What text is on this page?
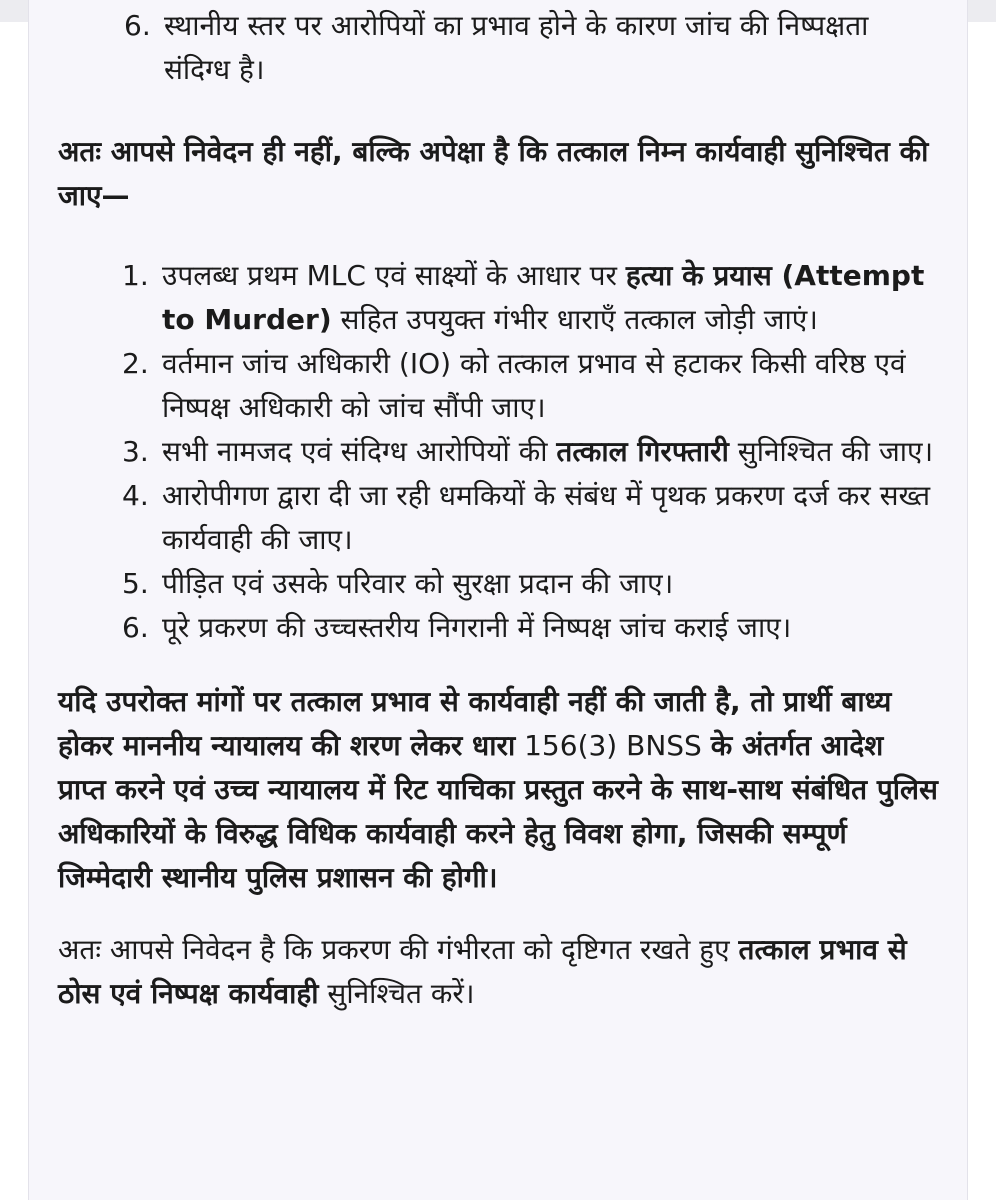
6. स्थानीय स्तर पर आरोपियों का प्रभाव होने के कारण जांच की निष्पक्षता संदिग्ध है।

अतः आपसे निवेदन ही नहीं, बल्कि अपेक्षा है कि तत्काल निम्न कार्यवाही सुनिश्चित की जाए—

1. उपलब्ध प्रथम MLC एवं साक्ष्यों के आधार पर हत्या के प्रयास (Attempt to Murder) सहित उपयुक्त गंभीर धाराएँ तत्काल जोड़ी जाएं।
2. वर्तमान जांच अधिकारी (IO) को तत्काल प्रभाव से हटाकर किसी वरिष्ठ एवं निष्पक्ष अधिकारी को जांच सौंपी जाए।
3. सभी नामजद एवं संदिग्ध आरोपियों की तत्काल गिरफ्तारी सुनिश्चित की जाए।
4. आरोपीगण द्वारा दी जा रही धमकियों के संबंध में पृथक प्रकरण दर्ज कर सख्त कार्यवाही की जाए।
5. पीड़ित एवं उसके परिवार को सुरक्षा प्रदान की जाए।
6. पूरे प्रकरण की उच्चस्तरीय निगरानी में निष्पक्ष जांच कराई जाए।

यदि उपरोक्त मांगों पर तत्काल प्रभाव से कार्यवाही नहीं की जाती है, तो प्रार्थी बाध्य होकर माननीय न्यायालय की शरण लेकर धारा 156(3) BNSS के अंतर्गत आदेश प्राप्त करने एवं उच्च न्यायालय में रिट याचिका प्रस्तुत करने के साथ-साथ संबंधित पुलिस अधिकारियों के विरुद्ध विधिक कार्यवाही करने हेतु विवश होगा, जिसकी सम्पूर्ण जिम्मेदारी स्थानीय पुलिस प्रशासन की होगी।

अतः आपसे निवेदन है कि प्रकरण की गंभीरता को दृष्टिगत रखते हुए तत्काल प्रभाव से ठोस एवं निष्पक्ष कार्यवाही सुनिश्चित करें।
